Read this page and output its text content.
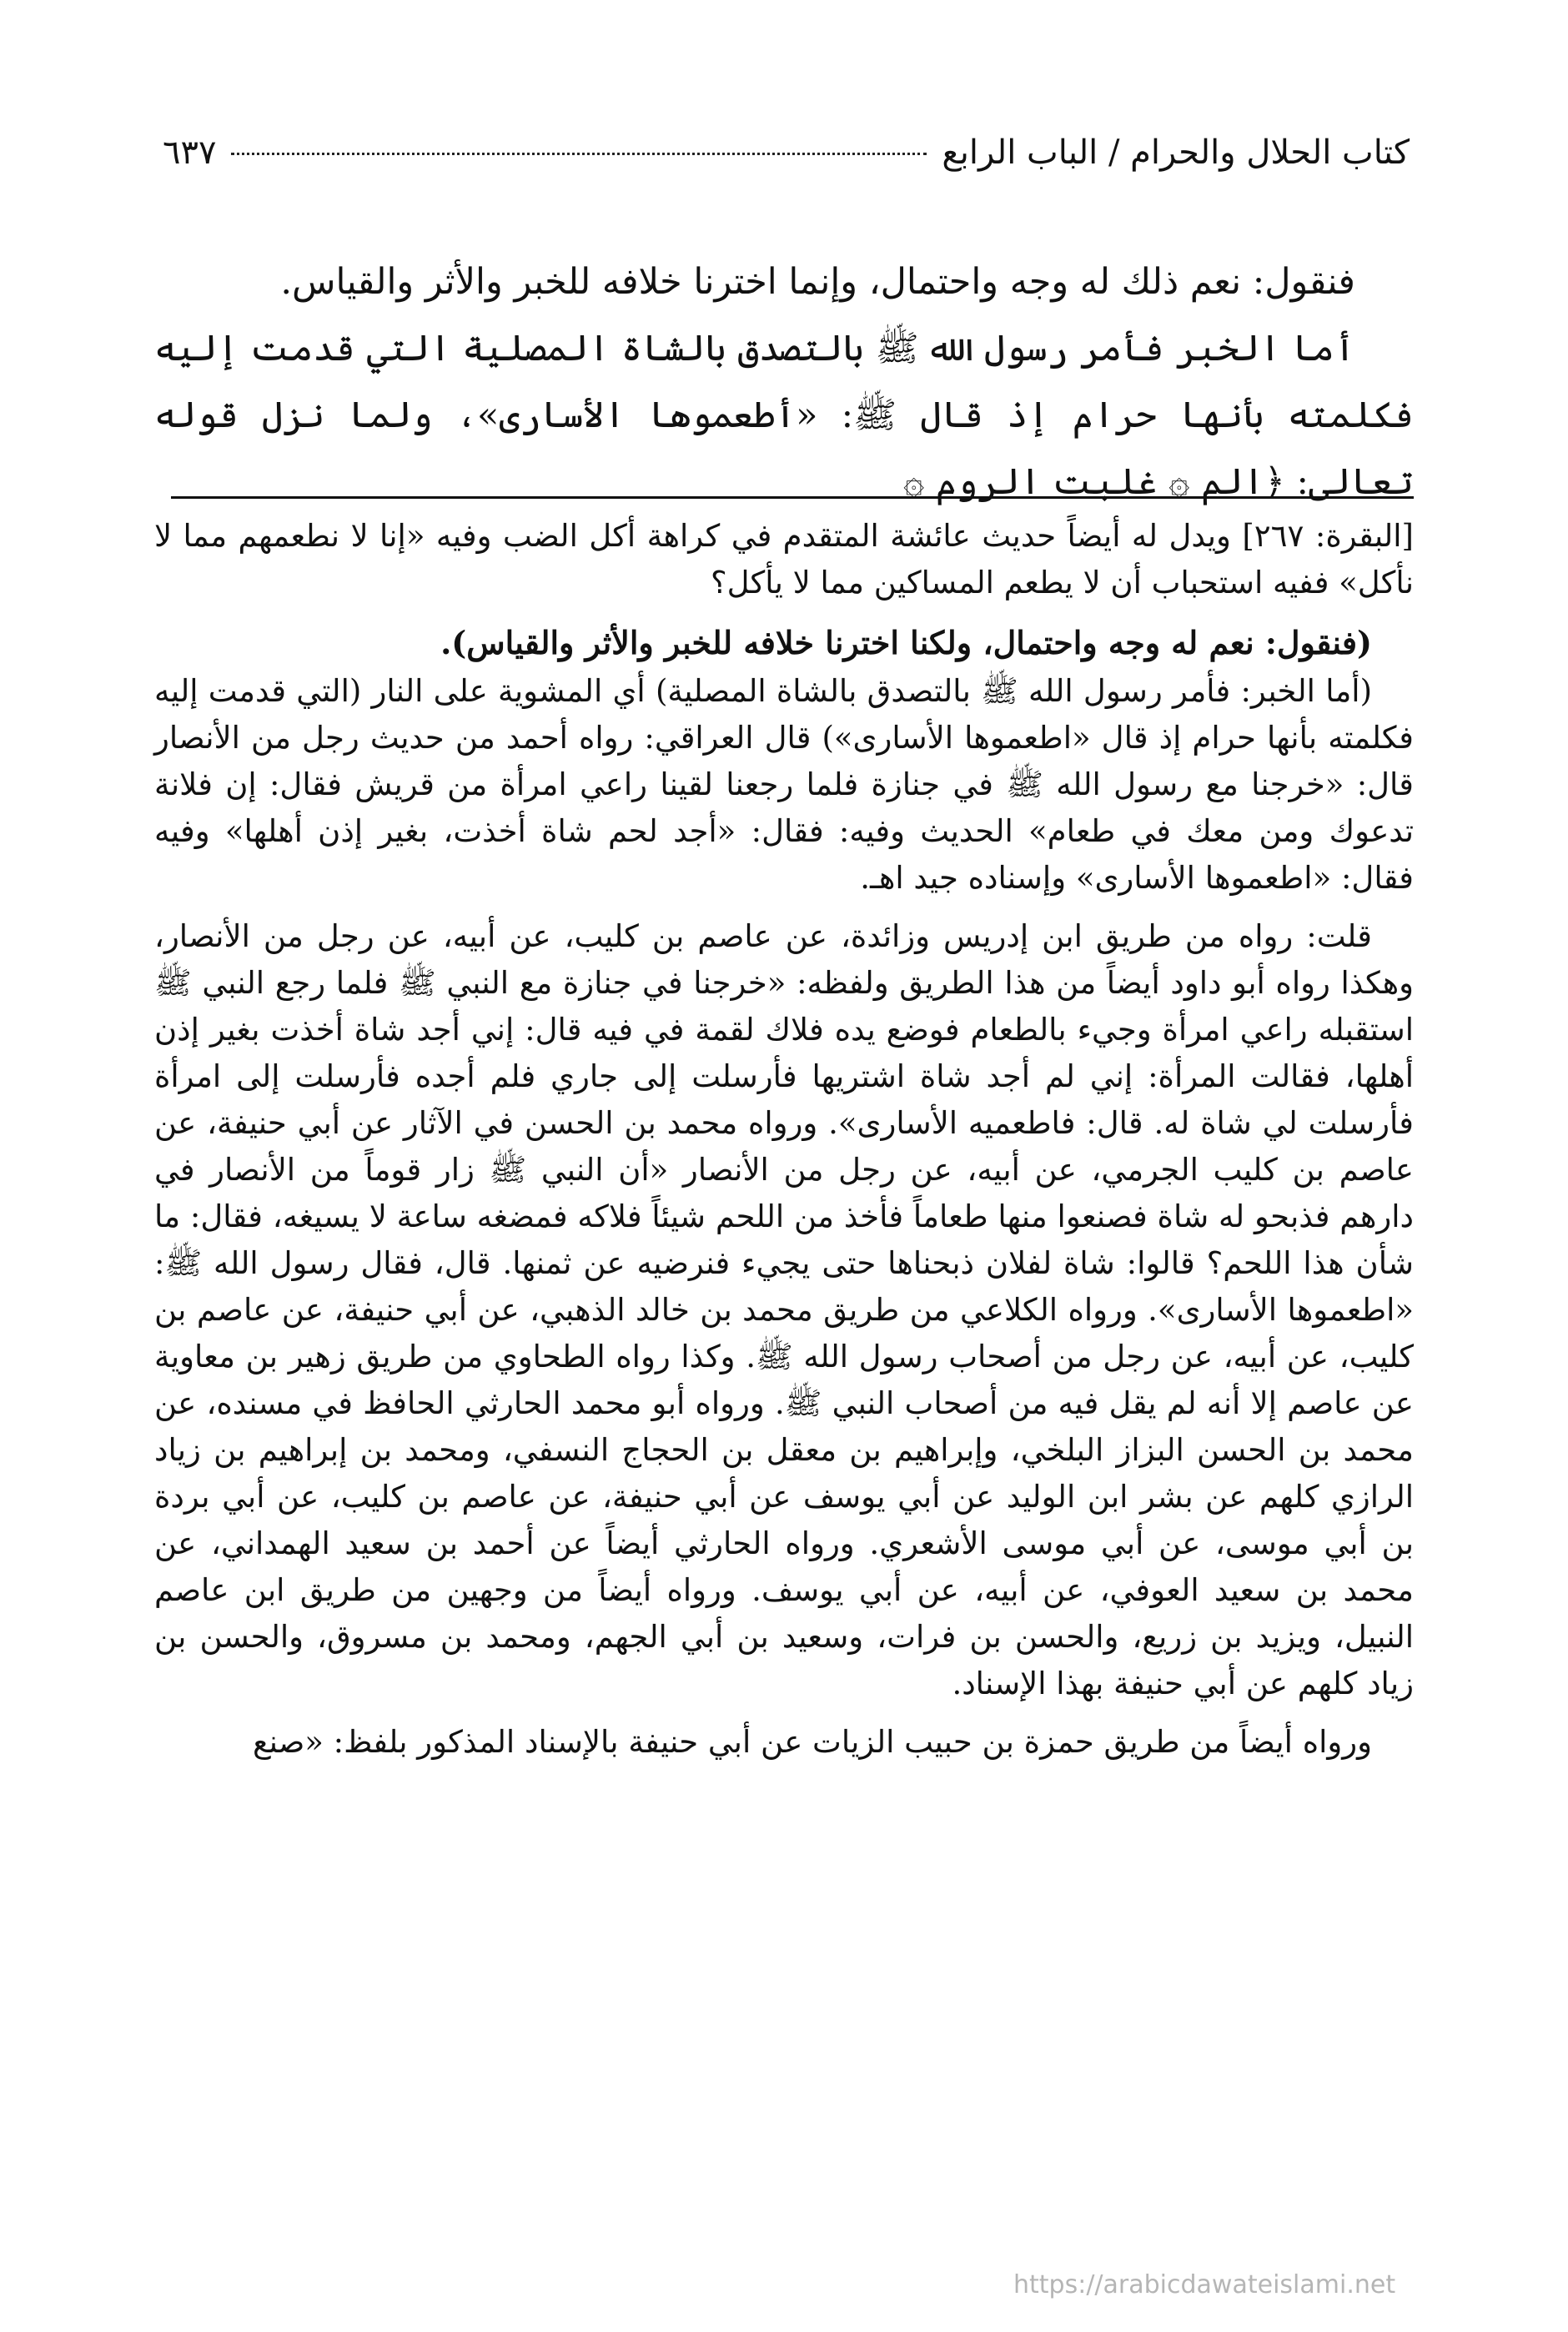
كتاب الحلال والحرام / الباب الرابع
٦٣٧

فنقول: نعم ذلك له وجه واحتمال، وإنما اخترنا خلافه للخبر والأثر والقياس.

أما الخبر فأمر رسول الله ﷺ بالتصدق بالشاة المصلية التي قدمت إليه فكلمته بأنها حرام إذ قال ﷺ: «أطعموها الأسارى»، ولما نزل قوله تعالى: ﴿الم ۞ غلبت الروم ۞

[البقرة: ٢٦٧] ويدل له أيضاً حديث عائشة المتقدم في كراهة أكل الضب وفيه «إنا لا نطعمهم مما لا نأكل» ففيه استحباب أن لا يطعم المساكين مما لا يأكل؟

(فنقول: نعم له وجه واحتمال، ولكنا اخترنا خلافه للخبر والأثر والقياس).

(أما الخبر: فأمر رسول الله ﷺ بالتصدق بالشاة المصلية) أي المشوية على النار (التي قدمت إليه فكلمته بأنها حرام إذ قال «اطعموها الأسارى») قال العراقي: رواه أحمد من حديث رجل من الأنصار قال: «خرجنا مع رسول الله ﷺ في جنازة فلما رجعنا لقينا راعي امرأة من قريش فقال: إن فلانة تدعوك ومن معك في طعام» الحديث وفيه: فقال: «أجد لحم شاة أخذت، بغير إذن أهلها» وفيه فقال: «اطعموها الأسارى» وإسناده جيد اهـ.

قلت: رواه من طريق ابن إدريس وزائدة، عن عاصم بن كليب، عن أبيه، عن رجل من الأنصار، وهكذا رواه أبو داود أيضاً من هذا الطريق ولفظه: «خرجنا في جنازة مع النبي ﷺ فلما رجع النبي ﷺ استقبله راعي امرأة وجيء بالطعام فوضع يده فلاك لقمة في فيه قال: إني أجد شاة أخذت بغير إذن أهلها، فقالت المرأة: إني لم أجد شاة اشتريها فأرسلت إلى جاري فلم أجده فأرسلت إلى امرأة فأرسلت لي شاة له. قال: فاطعميه الأسارى». ورواه محمد بن الحسن في الآثار عن أبي حنيفة، عن عاصم بن كليب الجرمي، عن أبيه، عن رجل من الأنصار «أن النبي ﷺ زار قوماً من الأنصار في دارهم فذبحو له شاة فصنعوا منها طعاماً فأخذ من اللحم شيئاً فلاكه فمضغه ساعة لا يسيغه، فقال: ما شأن هذا اللحم؟ قالوا: شاة لفلان ذبحناها حتى يجيء فنرضيه عن ثمنها. قال، فقال رسول الله ﷺ: «اطعموها الأسارى». ورواه الكلاعي من طريق محمد بن خالد الذهبي، عن أبي حنيفة، عن عاصم بن كليب، عن أبيه، عن رجل من أصحاب رسول الله ﷺ. وكذا رواه الطحاوي من طريق زهير بن معاوية عن عاصم إلا أنه لم يقل فيه من أصحاب النبي ﷺ. ورواه أبو محمد الحارثي الحافظ في مسنده، عن محمد بن الحسن البزاز البلخي، وإبراهيم بن معقل بن الحجاج النسفي، ومحمد بن إبراهيم بن زياد الرازي كلهم عن بشر ابن الوليد عن أبي يوسف عن أبي حنيفة، عن عاصم بن كليب، عن أبي بردة بن أبي موسى، عن أبي موسى الأشعري. ورواه الحارثي أيضاً عن أحمد بن سعيد الهمداني، عن محمد بن سعيد العوفي، عن أبيه، عن أبي يوسف. ورواه أيضاً من وجهين من طريق ابن عاصم النبيل، ويزيد بن زريع، والحسن بن فرات، وسعيد بن أبي الجهم، ومحمد بن مسروق، والحسن بن زياد كلهم عن أبي حنيفة بهذا الإسناد.

ورواه أيضاً من طريق حمزة بن حبيب الزيات عن أبي حنيفة بالإسناد المذكور بلفظ: «صنع

https://arabicdawateislami.net
